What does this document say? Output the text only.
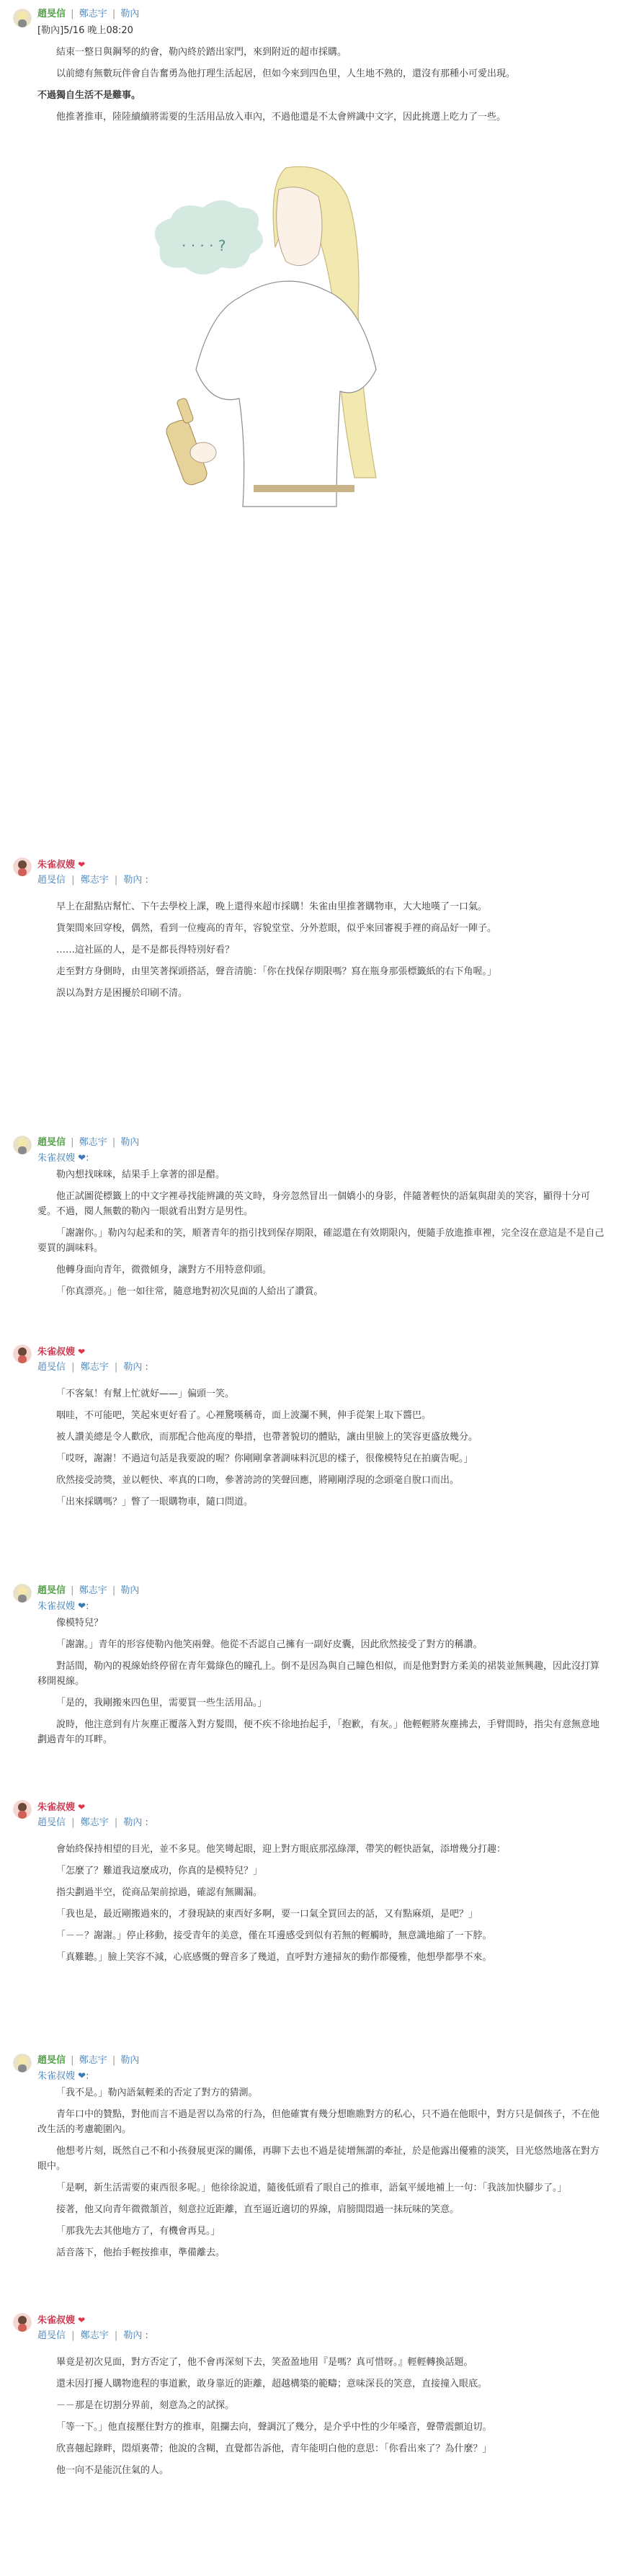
趙旻信 | 鄭志宇 | 勒內

[勒內]5/16 晚上08:20

結束一整日與鋼琴的約會，勒內終於踏出家門，來到附近的超市採購。

以前總有無數玩伴會自告奮勇為他打理生活起居，但如今來到四色里，人生地不熟的，還沒有那種小可愛出現。

不過獨自生活不是難事。

他推著推車，陸陸續續將需要的生活用品放入車內，不過他還是不太會辨識中文字，因此挑選上吃力了一些。

· · · · ?
朱雀叔嫂 ❤
趙旻信 | 鄭志宇 | 勒內 :

早上在甜點店幫忙、下午去學校上課，晚上還得來超市採購！朱雀由里推著購物車，大大地嘆了一口氣。

貨架間來回穿梭，偶然，看到一位瘦高的青年，容貌堂堂、分外惹眼，似乎來回審視手裡的商品好一陣子。

……這社區的人，是不是都長得特別好看？

走至對方身側時，由里笑著探頭搭話，聲音清脆：「你在找保存期限嗎？寫在瓶身那張標籤紙的右下角喔。」

誤以為對方是困擾於印刷不清。

趙旻信 | 鄭志宇 | 勒內
朱雀叔嫂 ❤:

勒內想找咪咪，結果手上拿著的卻是醋。

他正試圖從標籤上的中文字裡尋找能辨識的英文時，身旁忽然冒出一個嬌小的身影，伴隨著輕快的語氣與甜美的笑容，顯得十分可愛。不過，閱人無數的勒內一眼就看出對方是男性。

「謝謝你。」勒內勾起柔和的笑，順著青年的指引找到保存期限，確認還在有效期限內，便隨手放進推車裡，完全沒在意這是不是自己要買的調味料。

他轉身面向青年，微微傾身，讓對方不用特意仰頭。

「你真漂亮。」他一如往常，隨意地對初次見面的人給出了讚賞。

朱雀叔嫂 ❤
趙旻信 | 鄭志宇 | 勒內 :

「不客氣！有幫上忙就好——」偏頭一笑。

咽哇，不可能吧，笑起來更好看了。心裡驚嘆稱奇，面上波瀾不興，伸手從架上取下醬巴。

被人讚美總是令人歡欣，而那配合他高度的舉措，也帶著貌切的體貼，讓由里臉上的笑容更盛放幾分。

「哎呀，謝謝！不過這句話是我要說的喔？你剛剛拿著調味料沉思的樣子，很像模特兒在拍廣告呢。」

欣然接受誇獎，並以輕快、率真的口吻，參著誇誇的笑聲回應，將剛剛浮現的念頭毫自脫口而出。

「出來採購嗎？」瞥了一眼購物車，隨口問道。

趙旻信 | 鄭志宇 | 勒內
朱雀叔嫂 ❤:

像模特兒？

「謝謝。」青年的形容使勒內他笑兩聲。他從不否認自己擁有一副好皮囊，因此欣然接受了對方的稱讚。

對話間，勒內的視線始終停留在青年鶯綠色的瞳孔上。倒不是因為與自己瞳色相似，而是他對對方柔美的裙裝並無興趣，因此沒打算移開視線。

「是的，我剛搬來四色里，需要買一些生活用品。」

說時，他注意到有片灰塵正覆落入對方髮間，便不疾不徐地抬起手，「抱歉，有灰。」他輕輕將灰塵拂去，手臂間時，指尖有意無意地劃過青年的耳畔。

朱雀叔嫂 ❤
趙旻信 | 鄭志宇 | 勒內 :

會始終保持相望的目光，並不多見。他笑彎起眼，迎上對方眼底那泓綠澤，帶笑的輕快語氣，添增幾分打趣：

「怎麼了？難道我這麼成功，你真的是模特兒？」

指尖劃過半空，從商品架前掠過，確認有無關漏。

「我也是，最近剛搬過來的，才發現缺的東西好多啊，要一口氣全買回去的話，又有點麻煩，是吧？」

「－－？謝謝。」停止移動，接受青年的美意，僅在耳邊感受到似有若無的輕觸時，無意識地縮了一下脖。

「真難聽。」臉上笑容不減，心底感慨的聲音多了幾道，直呼對方連掃灰的動作都優雅，他想學都學不來。

趙旻信 | 鄭志宇 | 勒內
朱雀叔嫂 ❤:

「我不是。」勒內語氣輕柔的否定了對方的猜測。

青年口中的贊點，對他而言不過是習以為常的行為，但他確實有幾分想瞧瞧對方的私心，只不過在他眼中，對方只是個孩子，不在他改生活的考慮範圍內。

他想考片刻，既然自己不和小孩發展更深的關係，再聊下去也不過是徒增無謂的牽扯，於是他露出優雅的淡笑，目光悠然地落在對方眼中。

「是啊，新生活需要的東西很多呢。」他徐徐說道，隨後低頭看了眼自己的推車，語氣平緩地補上一句：「我該加快腳步了。」

接著，他又向青年微微頷首，刻意拉近距離，直至逼近適切的界線，肩膀間悶過一抹玩味的笑意。

「那我先去其他地方了，有機會再見。」

話音落下，他抬手輕按推車，準備離去。

朱雀叔嫂 ❤
趙旻信 | 鄭志宇 | 勒內 :

畢竟是初次見面，對方否定了，他不會再深刻下去，笑盈盈地用『是嗎？真可惜呀。』輕輕轉換話題。

還未因打擾人購物進程的事道歉，敢身靠近的距離，超越構築的範疇；意味深長的笑意，直接撞入眼底。

－－那是在切割分界前，刻意為之的試探。

「等一下。」他直接壓住對方的推車，阻攔去向，聲調沉了幾分，是介乎中性的少年嗓音，聲帶震顫迫切。

欣喜翹起錄畔，悶煩裏帶；他說的含糊，直覺都告訴他，青年能明白他的意思：「你看出來了？為什麼？」

他一向不是能沉住氣的人。
